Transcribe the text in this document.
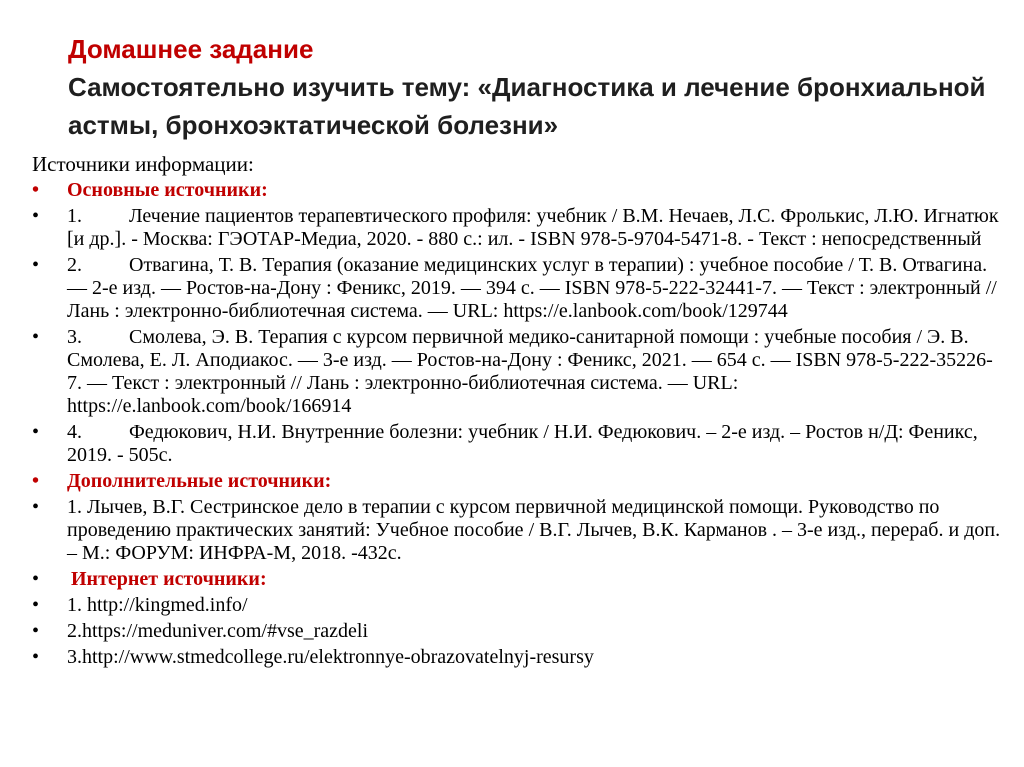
Домашнее задание
Самостоятельно изучить тему: «Диагностика и лечение бронхиальной астмы, бронхоэктатической болезни»
Источники информации:
•	Основные источники:
•	1. Лечение пациентов терапевтического профиля: учебник / В.М. Нечаев, Л.С. Фролькис, Л.Ю. Игнатюк [и др.]. - Москва: ГЭОТАР-Медиа, 2020. - 880 с.: ил. - ISBN 978-5-9704-5471-8. - Текст : непосредственный
•	2. Отвагина, Т. В. Терапия (оказание медицинских услуг в терапии) : учебное пособие / Т. В. Отвагина. — 2-е изд. — Ростов-на-Дону : Феникс, 2019. — 394 с. — ISBN 978-5-222-32441-7. — Текст : электронный // Лань : электронно-библиотечная система. — URL: https://e.lanbook.com/book/129744
•	3. Смолева, Э. В. Терапия с курсом первичной медико-санитарной помощи : учебные пособия / Э. В. Смолева, Е. Л. Аподиакос. — 3-е изд. — Ростов-на-Дону : Феникс, 2021. — 654 с. — ISBN 978-5-222-35226-7. — Текст : электронный // Лань : электронно-библиотечная система. — URL: https://e.lanbook.com/book/166914
•	4. Федюкович, Н.И. Внутренние болезни: учебник / Н.И. Федюкович. – 2-е изд. – Ростов н/Д: Феникс, 2019. - 505с.
•	Дополнительные источники:
•	1. Лычев, В.Г. Сестринское дело в терапии с курсом первичной медицинской помощи. Руководство по проведению практических занятий: Учебное пособие / В.Г. Лычев, В.К. Карманов . – 3-е изд., перераб. и доп. – М.: ФОРУМ: ИНФРА-М, 2018. -432с.
•	Интернет источники:
•	1. http://kingmed.info/
•	2.https://meduniver.com/#vse_razdeli
•	3.http://www.stmedcollege.ru/elektronnye-obrazovatelnyj-resursy
